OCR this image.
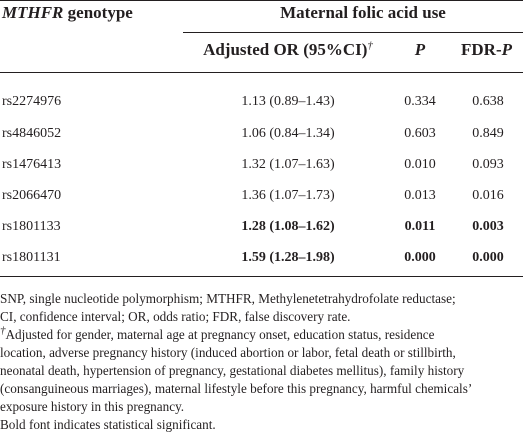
MTHFR genotype	Maternal folic acid use
Adjusted OR (95%CI)†	P	FDR-P
rs2274976	1.13 (0.89–1.43)	0.334	0.638
rs4846052	1.06 (0.84–1.34)	0.603	0.849
rs1476413	1.32 (1.07–1.63)	0.010	0.093
rs2066470	1.36 (1.07–1.73)	0.013	0.016
rs1801133	1.28 (1.08–1.62)	0.011	0.003
rs1801131	1.59 (1.28–1.98)	0.000	0.000

SNP, single nucleotide polymorphism; MTHFR, Methylenetetrahydrofolate reductase;

CI, confidence interval; OR, odds ratio; FDR, false discovery rate.

†Adjusted for gender, maternal age at pregnancy onset, education status, residence

location, adverse pregnancy history (induced abortion or labor, fetal death or stillbirth,

neonatal death, hypertension of pregnancy, gestational diabetes mellitus), family history

(consanguineous marriages), maternal lifestyle before this pregnancy, harmful chemicals’

exposure history in this pregnancy.

Bold font indicates statistical significant.
